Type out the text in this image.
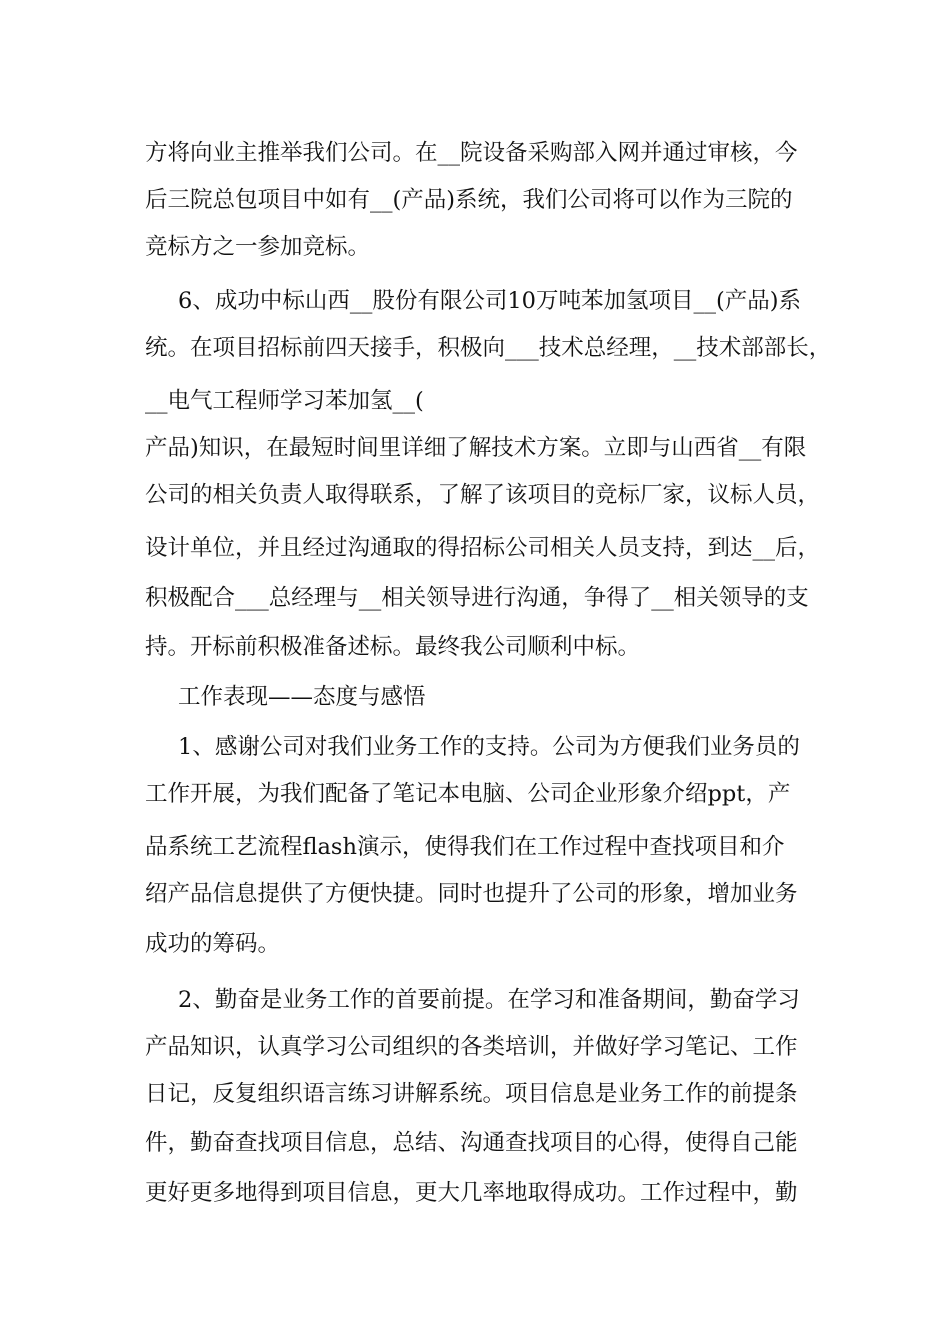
方将向业主推举我们公司。在__院设备采购部入网并通过审核，今
后三院总包项目中如有__(产品)系统，我们公司将可以作为三院的
竞标方之一参加竞标。
6、成功中标山西__股份有限公司10万吨苯加氢项目__(产品)系
统。在项目招标前四天接手，积极向___技术总经理，__技术部部长，
__电气工程师学习苯加氢__(
产品)知识，在最短时间里详细了解技术方案。立即与山西省__有限
公司的相关负责人取得联系，了解了该项目的竞标厂家，议标人员，
设计单位，并且经过沟通取的得招标公司相关人员支持，到达__后，
积极配合___总经理与__相关领导进行沟通，争得了__相关领导的支
持。开标前积极准备述标。最终我公司顺利中标。
工作表现——态度与感悟
1、感谢公司对我们业务工作的支持。公司为方便我们业务员的
工作开展，为我们配备了笔记本电脑、公司企业形象介绍ppt，产
品系统工艺流程flash演示，使得我们在工作过程中查找项目和介
绍产品信息提供了方便快捷。同时也提升了公司的形象，增加业务
成功的筹码。
2、勤奋是业务工作的首要前提。在学习和准备期间，勤奋学习
产品知识，认真学习公司组织的各类培训，并做好学习笔记、工作
日记，反复组织语言练习讲解系统。项目信息是业务工作的前提条
件，勤奋查找项目信息，总结、沟通查找项目的心得，使得自己能
更好更多地得到项目信息，更大几率地取得成功。工作过程中，勤
